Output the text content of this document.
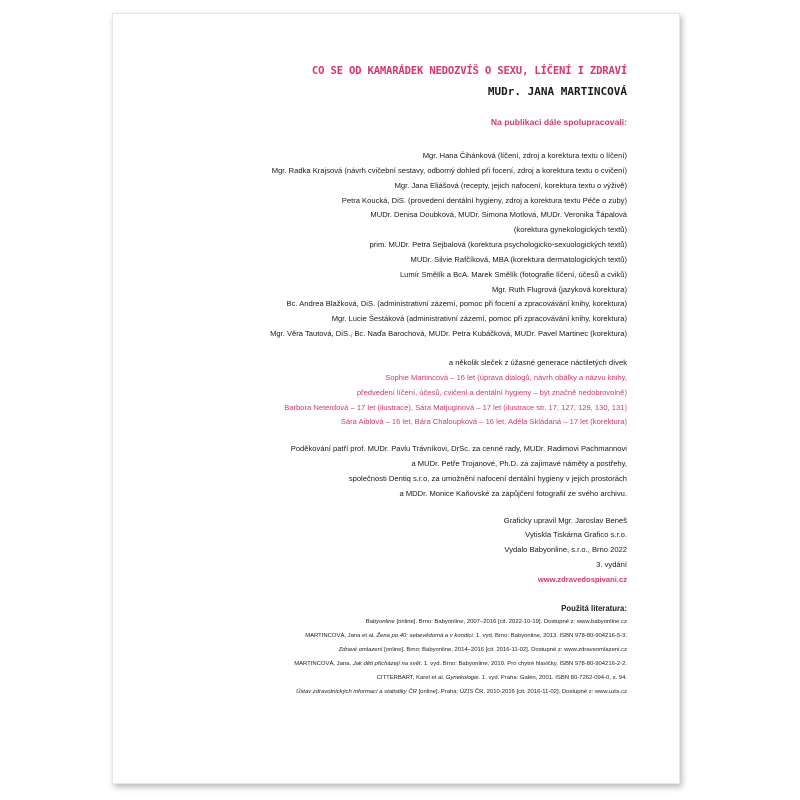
CO SE OD KAMARÁDEK NEDOZVÍŠ O SEXU, LÍČENÍ I ZDRAVÍ
MUDr. JANA MARTINCOVÁ
Na publikaci dále spolupracovali:
Mgr. Hana Čihánková (líčení, zdroj a korektura textu o líčení)
Mgr. Radka Krajsová (návrh cvičební sestavy, odborný dohled při focení, zdroj a korektura textu o cvičení)
Mgr. Jana Eliášová (recepty, jejich nafocení, korektura textu o výživě)
Petra Koucká, DiS. (provedení dentální hygieny, zdroj a korektura textu Péče o zuby)
MUDr. Denisa Doubková, MUDr. Simona Motlová, MUDr. Veronika Ťápalová
(korektura gynekologických textů)
prim. MUDr. Petra Sejbalová (korektura psychologicko-sexuologických textů)
MUDr. Silvie Rafčíková, MBA (korektura dermatologických textů)
Lumír Smělík a BcA. Marek Smělík (fotografie líčení, účesů a cviků)
Mgr. Ruth Flugrová (jazyková korektura)
Bc. Andrea Blažková, DiS. (administrativní zázemí, pomoc při focení a zpracovávání knihy, korektura)
Mgr. Lucie Šestáková (administrativní zázemí, pomoc při zpracovávání knihy, korektura)
Mgr. Věra Tautová, DiS., Bc. Naďa Barochová, MUDr. Petra Kubáčková, MUDr. Pavel Martinec (korektura)
a několik sleček z úžasné generace náctiletých dívek
Sophie Martincová – 16 let (úprava dialogů, návrh obálky a názvu knihy,
předvedení líčení, účesů, cvičení a dentální hygieny – být značně nedobrovolně)
Barbora Neterdová – 17 let (ilustrace), Sára Matjuginová – 17 let (ilustrace str. 17, 127, 129, 130, 131)
Sára Aiblová – 16 let, Bára Chaloupková – 16 let, Adéla Skládaná – 17 let (korektura)
Poděkování patří prof. MUDr. Pavlu Trávníkovi, DrSc. za cenné rady, MUDr. Radimovi Pachmannovi
a MUDr. Petře Trojanové, Ph.D. za zajímavé náměty a postřehy,
společnosti Dentiq s.r.o. za umožnění nafocení dentální hygieny v jejich prostorách
a MDDr. Monice Kaňovské za zapůjčení fotografií ze svého archivu.
Graficky upravil Mgr. Jaroslav Beneš
Vytiskla Tiskárna Grafico s.r.o.
Vydalo Babyonline, s.r.o., Brno 2022
3. vydání
www.zdravedospivani.cz
Použitá literatura:
Babyonline [online]. Brno: Babyonline, 2007–2016 [cit. 2022-10-19]. Dostupné z: www.babyonline.cz
MARTINCOVÁ, Jana et al. Žena po 40: sebevědomá a v kondici. 1. vyd. Brno: Babyonline, 2013. ISBN 978-80-904216-5-3.
Zdravé omlazení [online]. Brno: Babyonline, 2014–2016 [cit. 2016-11-02]. Dostupné z: www.zdraveomlazeni.cz
MARTINCOVÁ, Jana. Jak děti přicházejí na svět. 1. vyd. Brno: Babyonline, 2010. Pro chytré hlavičky. ISBN 978-80-904216-2-2.
CITTERBART, Karel et al. Gynekologie. 1. vyd. Praha: Galén, 2001. ISBN 80-7262-094-0, s. 94.
Ústav zdravotnických informací a statistiky ČR [online]. Praha: ÚZIS ČR, 2010-2016 [cit. 2016-11-02]. Dostupné z: www.uzis.cz
